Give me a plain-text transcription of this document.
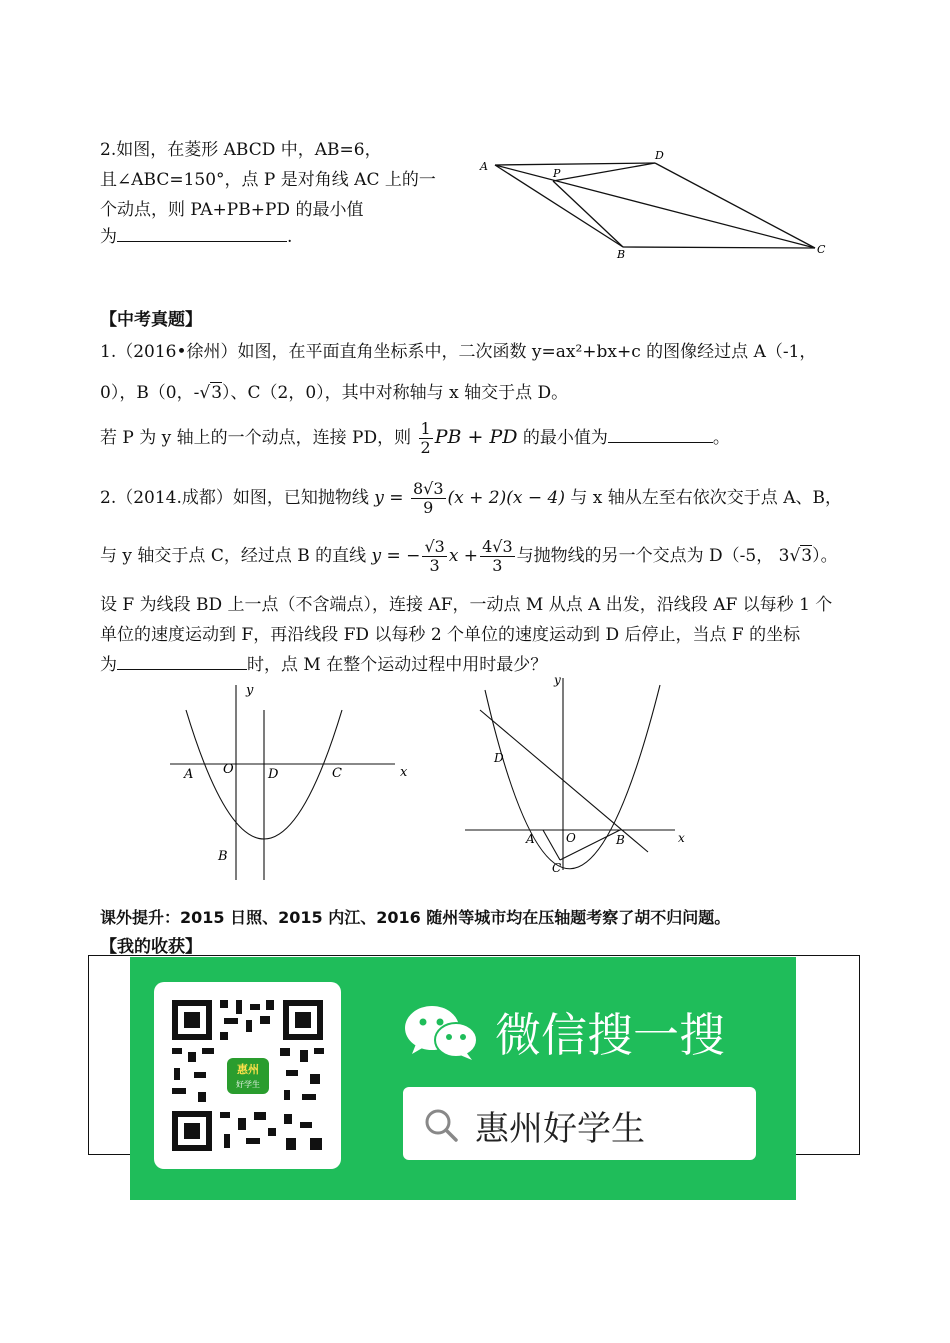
2.如图，在菱形 ABCD 中，AB=6，
且∠ABC=150°，点 P 是对角线 AC 上的一
个动点，则 PA+PB+PD 的最小值
为	.
A
D
P
B	C
【中考真题】
1.（2016•徐州）如图，在平面直角坐标系中，二次函数 y=ax²+bx+c 的图像经过点 A（-1，
0），B（0，-√3）、C（2，0），其中对称轴与 x 轴交于点 D。
若 P 为 y 轴上的一个动点，连接 PD，则 $\frac{1}{2}$ PB + PD 的最小值为	。
2.（2014.成都）如图，已知抛物线 $y = \frac{8√3}{9} (x + 2)(x - 4)$ 与 x 轴从左至右依次交于点 A、B，
与 y 轴交于点 C，经过点 B 的直线 y = − $\frac{√3}{3}$ $x + \frac{4√3}{3}$ 与抛物线的另一个交点为 D（-5， 3√3）。
设 F 为线段 BD 上一点（不含端点），连接 AF，一动点 M 从点 A 出发，沿线段 AF 以每秒 1 个
单位的速度运动到 F，再沿线段 FD 以每秒 2 个单位的速度运动到 D 后停止，当点 F 的坐标
为	时，点 M 在整个运动过程中用时最少？
y
x
A O	D	C
B
y
x
A	O	B
C
D
课外提升：2015 日照、2015 内江、2016 随州等城市均在压轴题考察了胡不归问题。
【我的收获】
惠州
好学生
微信搜一搜
惠州好学生
